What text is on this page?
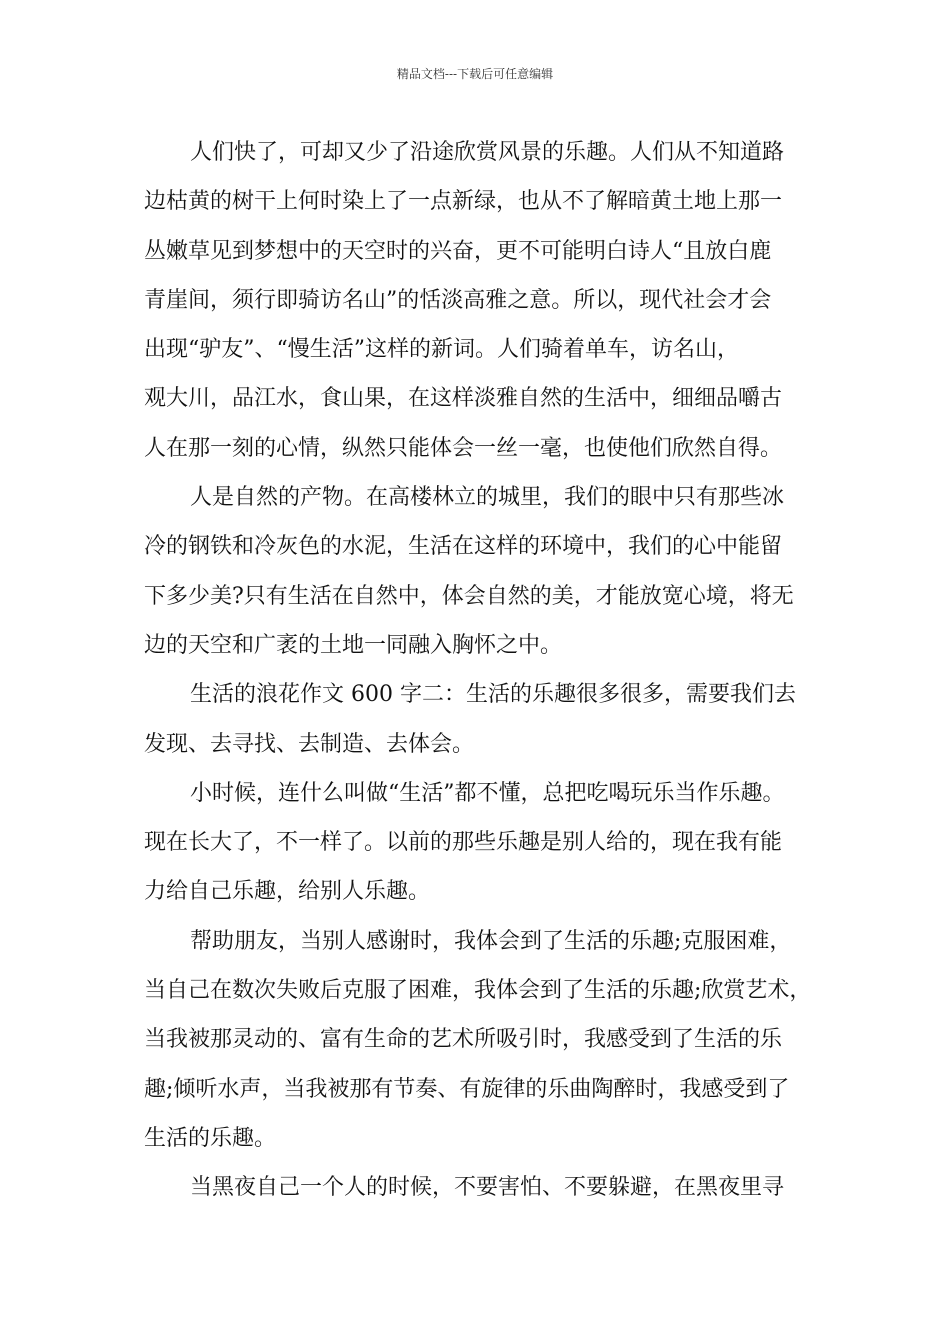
精品文档---下载后可任意编辑
人们快了，可却又少了沿途欣赏风景的乐趣。人们从不知道路
边枯黄的树干上何时染上了一点新绿，也从不了解暗黄土地上那一
丛嫩草见到梦想中的天空时的兴奋，更不可能明白诗人“且放白鹿
青崖间，须行即骑访名山”的恬淡高雅之意。所以，现代社会才会
出现“驴友”、“慢生活”这样的新词。人们骑着单车，访名山，
观大川，品江水，食山果，在这样淡雅自然的生活中，细细品嚼古
人在那一刻的心情，纵然只能体会一丝一毫，也使他们欣然自得。
人是自然的产物。在高楼林立的城里，我们的眼中只有那些冰
冷的钢铁和冷灰色的水泥，生活在这样的环境中，我们的心中能留
下多少美?只有生活在自然中，体会自然的美，才能放宽心境，将无
边的天空和广袤的土地一同融入胸怀之中。
生活的浪花作文 600 字二：生活的乐趣很多很多，需要我们去
发现、去寻找、去制造、去体会。
小时候，连什么叫做“生活”都不懂，总把吃喝玩乐当作乐趣。
现在长大了，不一样了。以前的那些乐趣是别人给的，现在我有能
力给自己乐趣，给别人乐趣。
帮助朋友，当别人感谢时，我体会到了生活的乐趣;克服困难，
当自己在数次失败后克服了困难，我体会到了生活的乐趣;欣赏艺术，
当我被那灵动的、富有生命的艺术所吸引时，我感受到了生活的乐
趣;倾听水声，当我被那有节奏、有旋律的乐曲陶醉时，我感受到了
生活的乐趣。
当黑夜自己一个人的时候，不要害怕、不要躲避，在黑夜里寻
